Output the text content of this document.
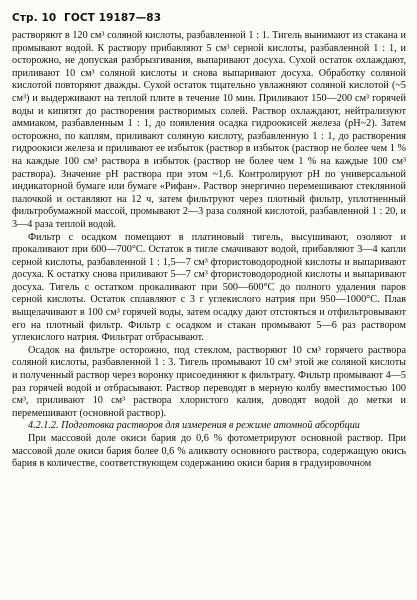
Стр. 10 ГОСТ 19187—83

растворяют в 120 см³ соляной кислоты, разбавленной 1 : 1. Тигель вынимают из стакана и промывают водой. К раствору прибавляют 5 см³ серной кислоты, разбавленной 1 : 1, и осторожно, не допуская разбрызгивания, выпаривают досуха. Сухой остаток охлаждают, приливают 10 см³ соляной кислоты и снова выпаривают досуха. Обработку соляной кислотой повторяют дважды. Сухой остаток тщательно увлажняют соляной кислотой (~5 см³) и выдерживают на теплой плите в течение 10 мин. Приливают 150—200 см³ горячей воды и кипятят до растворения растворимых солей. Раствор охлаждают, нейтрализуют аммиаком, разбавленным 1 : 1, до появления осадка гидроокисей железа (рН~2). Затем осторожно, по каплям, приливают соляную кислоту, разбавленную 1 : 1, до растворения гидроокиси железа и приливают ее избыток (раствор в избыток (раствор не более чем 1 % на каждые 100 см³ раствора в избыток (раствор не более чем 1 % на каждые 100 см³ раствора). Значение рН раствора при этом ~1,6. Контролируют рН по универсальной индикаторной бумаге или бумаге «Рифан». Раствор энергично перемешивают стеклянной палочкой и оставляют на 12 ч, затем фильтруют через плотный фильтр, уплотненный фильтробумажной массой, промывают 2—3 раза соляной кислотой, разбавленной 1 : 20, и 3—4 раза теплой водой.

Фильтр с осадком помещают в платиновый тигель, высушивают, озоляют и прокаливают при 600—700°С. Остаток в тигле смачивают водой, прибавляют 3—4 капли серной кислоты, разбавленной 1 : 1,5—7 см³ фтористоводородной кислоты и выпаривают досуха. К остатку снова приливают 5—7 см³ фтористоводородной кислоты и выпаривают досуха. Тигель с остатком прокаливают при 500—600°С до полного удаления паров серной кислоты. Остаток сплавляют с 3 г углекислого натрия при 950—1000°С. Плав выщелачивают в 100 см³ горячей воды, затем осадку дают отстояться и отфильтровывают его на плотный фильтр. Фильтр с осадком и стакан промывают 5—6 раз раствором углекислого натрия. Фильтрат отбрасывают.

Осадок на фильтре осторожно, под стеклом, растворяют 10 см³ горячего раствора соляной кислоты, разбавленной 1 : 3. Тигель промывают 10 см³ этой же соляной кислоты и полученный раствор через воронку присоединяют к фильтрату. Фильтр промывают 4—5 раз горячей водой и отбрасывают. Раствор переводят в мерную колбу вместимостью 100 см³, приливают 10 см³ раствора хлористого калия, доводят водой до метки и перемешивают (основной раствор).

4.2.1.2. Подготовка растворов для измерения в режиме атомной абсорбции

При массовой доле окиси бария до 0,6 % фотометрируют основной раствор. При массовой доле окиси бария более 0,6 % аликвоту основного раствора, содержащую окись бария в количестве, соответствующем содержанию окиси бария в градуировочном
